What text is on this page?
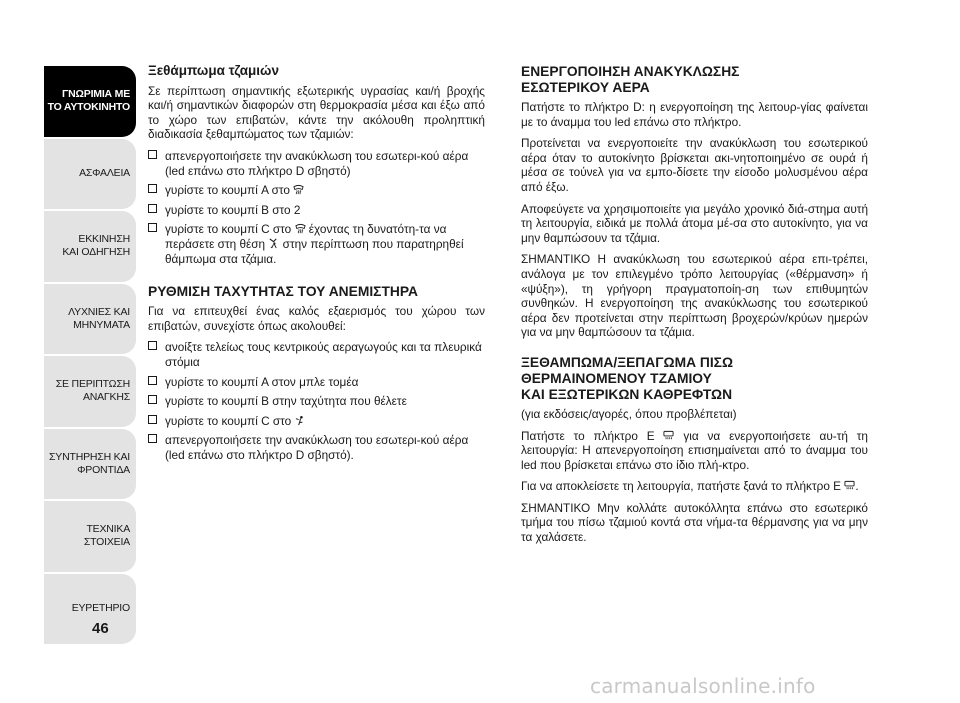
ΓΝΩΡΙΜΙΑ ΜΕ
ΤΟ ΑΥΤΟΚΙΝΗΤΟ
ΑΣΦΑΛΕΙΑ
ΕΚΚΙΝΗΣΗ
ΚΑΙ ΟΔΗΓΗΣΗ
ΛΥΧΝΙΕΣ ΚΑΙ
ΜΗΝΥΜΑΤΑ
ΣΕ ΠΕΡΙΠΤΩΣΗ
ΑΝΑΓΚΗΣ
ΣΥΝΤΗΡΗΣΗ ΚΑΙ
ΦΡΟΝΤΙΔΑ
ΤΕΧΝΙΚΑ
ΣΤΟΙΧΕΙΑ
ΕΥΡΕΤΗΡΙΟ
46
Ξεθάμπωμα τζαμιών

Σε περίπτωση σημαντικής εξωτερικής υγρασίας και/ή βροχής και/ή σημαντικών διαφορών στη θερμοκρασία μέσα και έξω από το χώρο των επιβατών, κάντε την ακόλουθη προληπτική διαδικασία ξεθαμπώματος των τζαμιών:

απενεργοποιήσετε την ανακύκλωση του εσωτερι-κού αέρα (led επάνω στο πλήκτρο D σβηστό)
γυρίστε το κουμπί A στο
γυρίστε το κουμπί B στο 2
γυρίστε το κουμπί C στο έχοντας τη δυνατότη-τα να περάσετε στη θέση στην περίπτωση που παρατηρηθεί θάμπωμα στα τζάμια.
ΡΥΘΜΙΣΗ ΤΑΧΥΤΗΤΑΣ ΤΟΥ ΑΝΕΜΙΣΤΗΡΑ

Για να επιτευχθεί ένας καλός εξαερισμός του χώρου των επιβατών, συνεχίστε όπως ακολουθεί:

ανοίξτε τελείως τους κεντρικούς αεραγωγούς και τα πλευρικά στόμια
γυρίστε το κουμπί A στον μπλε τομέα
γυρίστε το κουμπί B στην ταχύτητα που θέλετε
γυρίστε το κουμπί C στο
απενεργοποιήσετε την ανακύκλωση του εσωτερι-κού αέρα (led επάνω στο πλήκτρο D σβηστό).
ΕΝΕΡΓΟΠΟΙΗΣΗ ΑΝΑΚΥΚΛΩΣΗΣ
ΕΣΩΤΕΡΙΚΟΥ ΑΕΡΑ

Πατήστε το πλήκτρο D: η ενεργοποίηση της λειτουρ-γίας φαίνεται με το άναμμα του led επάνω στο πλήκτρο.

Προτείνεται να ενεργοποιείτε την ανακύκλωση του εσωτερικού αέρα όταν το αυτοκίνητο βρίσκεται ακι-νητοποιημένο σε ουρά ή μέσα σε τούνελ για να εμπο-δίσετε την είσοδο μολυσμένου αέρα από έξω.

Αποφεύγετε να χρησιμοποιείτε για μεγάλο χρονικό διά-στημα αυτή τη λειτουργία, ειδικά με πολλά άτομα μέ-σα στο αυτοκίνητο, για να μην θαμπώσουν τα τζάμια.

ΣΗΜΑΝΤΙΚΟ Η ανακύκλωση του εσωτερικού αέρα επι-τρέπει, ανάλογα με τον επιλεγμένο τρόπο λειτουργίας («θέρμανση» ή «ψύξη»), τη γρήγορη πραγματοποίη-ση των επιθυμητών συνθηκών. Η ενεργοποίηση της ανακύκλωσης του εσωτερικού αέρα δεν προτείνεται στην περίπτωση βροχερών/κρύων ημερών για να μην θαμπώσουν τα τζάμια.

ΞΕΘΑΜΠΩΜΑ/ΞΕΠΑΓΩΜΑ ΠΙΣΩ
ΘΕΡΜΑΙΝΟΜΕΝΟΥ ΤΖΑΜΙΟΥ
ΚΑΙ ΕΞΩΤΕΡΙΚΩΝ ΚΑΘΡΕΦΤΩΝ

(για εκδόσεις/αγορές, όπου προβλέπεται)

Πατήστε το πλήκτρο E για να ενεργοποιήσετε αυ-τή τη λειτουργία: Η απενεργοποίηση επισημαίνεται από το άναμμα του led που βρίσκεται επάνω στο ίδιο πλή-κτρο.

Για να αποκλείσετε τη λειτουργία, πατήστε ξανά το πλήκτρο E .

ΣΗΜΑΝΤΙΚΟ Μην κολλάτε αυτοκόλλητα επάνω στο εσωτερικό τμήμα του πίσω τζαμιού κοντά στα νήμα-τα θέρμανσης για να μην τα χαλάσετε.

carmanualsonline.info
